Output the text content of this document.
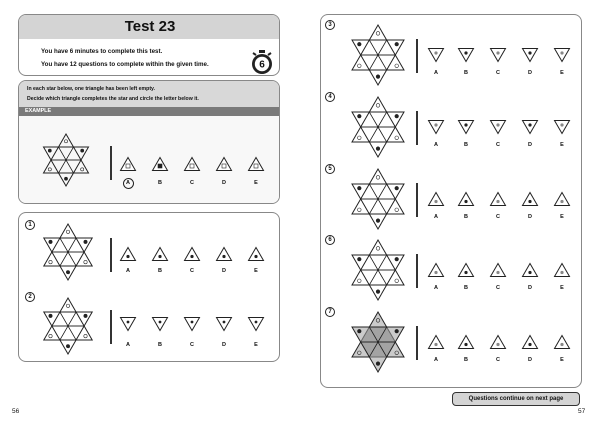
Test 23
You have 6 minutes to complete this test.
You have 12 questions to complete within the given time.	6
In each star below, one triangle has been left empty.
Decide which triangle completes the star and circle the letter below it.
EXAMPLE
A	B	C	D	E
1
A	B	C	D	E
2
A	B	C	D	E
3
A	B	C	D	E
4
A	B	C	D	E
5
A	B	C	D	E
6
A	B	C	D	E
7
A	B	C	D	E
Questions continue on next page
56	57
